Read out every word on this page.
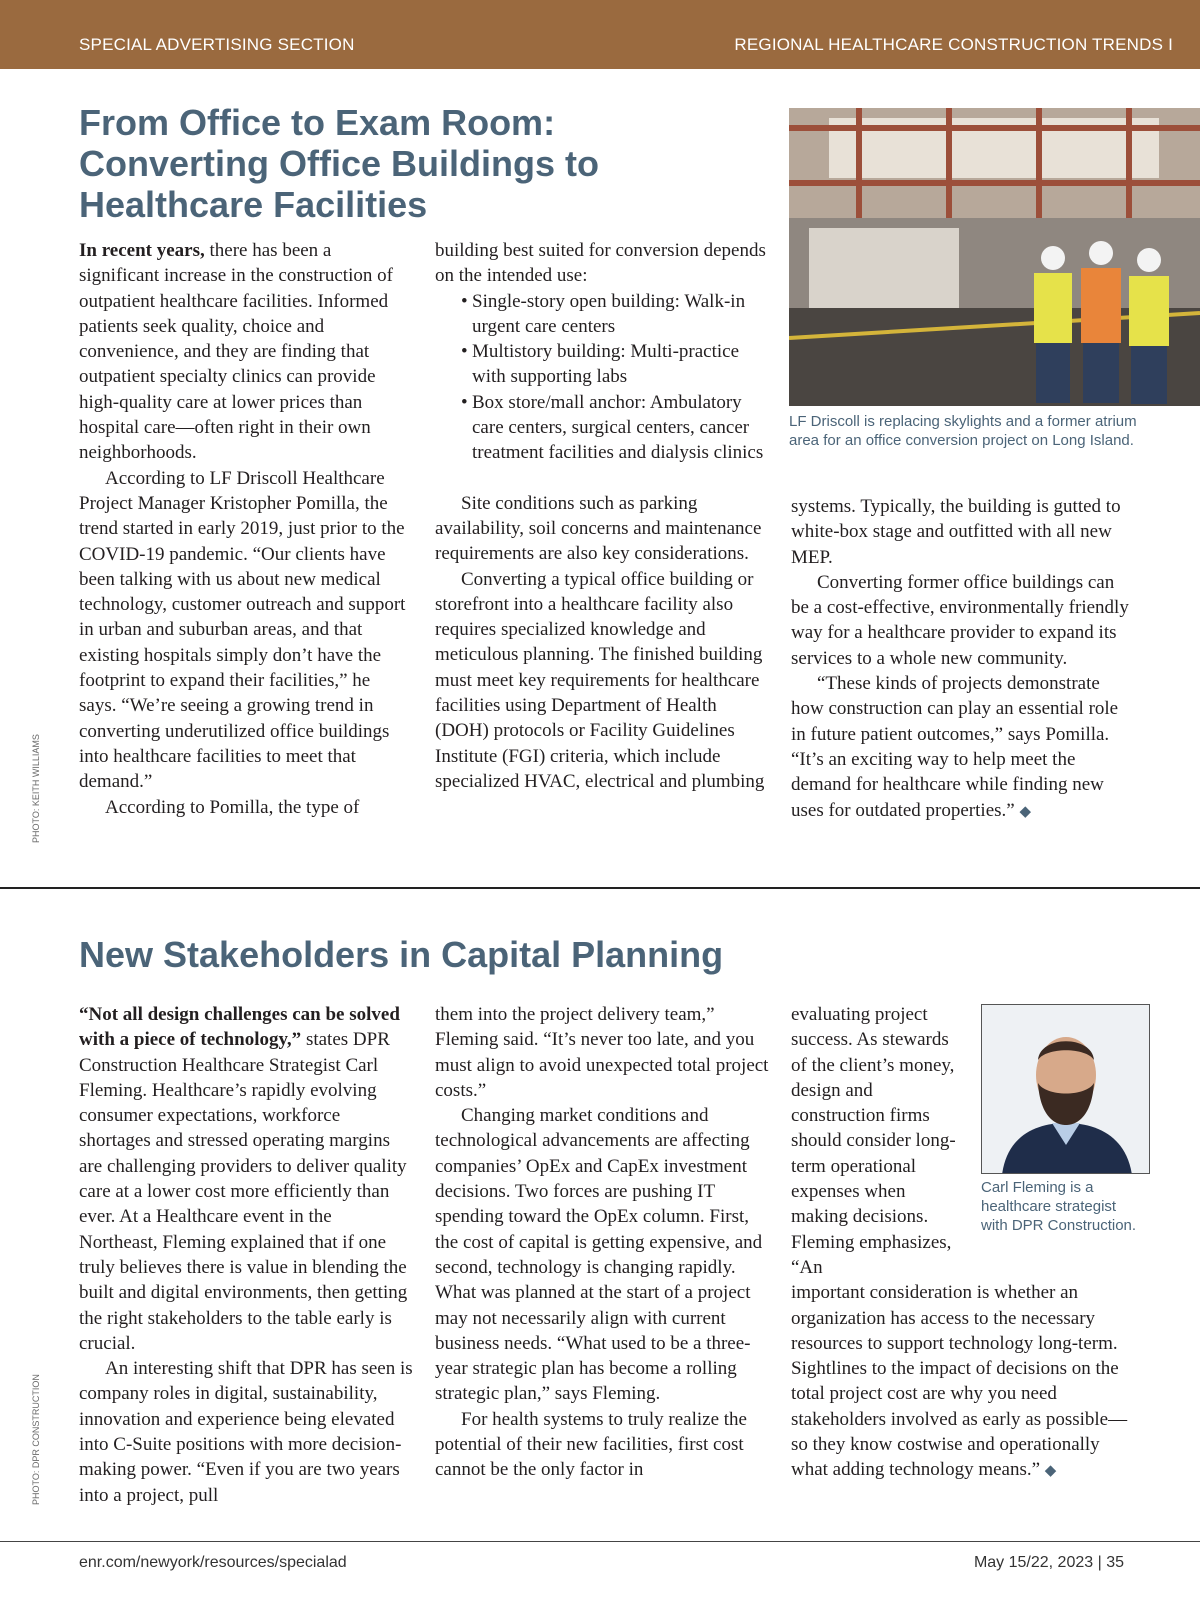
SPECIAL ADVERTISING SECTION	REGIONAL HEALTHCARE CONSTRUCTION TRENDS I
From Office to Exam Room: Converting Office Buildings to Healthcare Facilities

In recent years, there has been a significant increase in the construction of outpatient healthcare facilities. Informed patients seek quality, choice and convenience, and they are finding that outpatient specialty clinics can provide high-quality care at lower prices than hospital care—often right in their own neighborhoods.

According to LF Driscoll Healthcare Project Manager Kristopher Pomilla, the trend started in early 2019, just prior to the COVID-19 pandemic. “Our clients have been talking with us about new medical technology, customer outreach and support in urban and suburban areas, and that existing hospitals simply don’t have the footprint to expand their facilities,” he says. “We’re seeing a growing trend in converting underutilized office buildings into healthcare facilities to meet that demand.”

According to Pomilla, the type of

building best suited for conversion depends on the intended use:

• Single-story open building: Walk-in urgent care centers
• Multistory building: Multi-practice with supporting labs
• Box store/mall anchor: Ambulatory care centers, surgical centers, cancer treatment facilities and dialysis clinics

Site conditions such as parking availability, soil concerns and maintenance requirements are also key considerations.

Converting a typical office building or storefront into a healthcare facility also requires specialized knowledge and meticulous planning. The finished building must meet key requirements for healthcare facilities using Department of Health (DOH) protocols or Facility Guidelines Institute (FGI) criteria, which include specialized HVAC, electrical and plumbing

LF Driscoll is replacing skylights and a former atrium area for an office conversion project on Long Island.

systems. Typically, the building is gutted to white-box stage and outfitted with all new MEP.

Converting former office buildings can be a cost-effective, environmentally friendly way for a healthcare provider to expand its services to a whole new community.

“These kinds of projects demonstrate how construction can play an essential role in future patient outcomes,” says Pomilla. “It’s an exciting way to help meet the demand for healthcare while finding new uses for outdated properties.” ◆

PHOTO: KEITH WILLIAMS
New Stakeholders in Capital Planning

“Not all design challenges can be solved with a piece of technology,” states DPR Construction Healthcare Strategist Carl Fleming. Healthcare’s rapidly evolving consumer expectations, workforce shortages and stressed operating margins are challenging providers to deliver quality care at a lower cost more efficiently than ever. At a Healthcare event in the Northeast, Fleming explained that if one truly believes there is value in blending the built and digital environments, then getting the right stakeholders to the table early is crucial.

An interesting shift that DPR has seen is company roles in digital, sustainability, innovation and experience being elevated into C-Suite positions with more decision-making power. “Even if you are two years into a project, pull

them into the project delivery team,” Fleming said. “It’s never too late, and you must align to avoid unexpected total project costs.”

Changing market conditions and technological advancements are affecting companies’ OpEx and CapEx investment decisions. Two forces are pushing IT spending toward the OpEx column. First, the cost of capital is getting expensive, and second, technology is changing rapidly. What was planned at the start of a project may not necessarily align with current business needs. “What used to be a three-year strategic plan has become a rolling strategic plan,” says Fleming.

For health systems to truly realize the potential of their new facilities, first cost cannot be the only factor in

Carl Fleming is a healthcare strategist with DPR Construction.

evaluating project success. As stewards of the client’s money, design and construction firms should consider long-term operational expenses when making decisions. Fleming emphasizes, “An

important consideration is whether an organization has access to the necessary resources to support technology long-term. Sightlines to the impact of decisions on the total project cost are why you need stakeholders involved as early as possible—so they know costwise and operationally what adding technology means.” ◆

PHOTO: DPR CONSTRUCTION
enr.com/newyork/resources/specialad	May 15/22, 2023 | 35
